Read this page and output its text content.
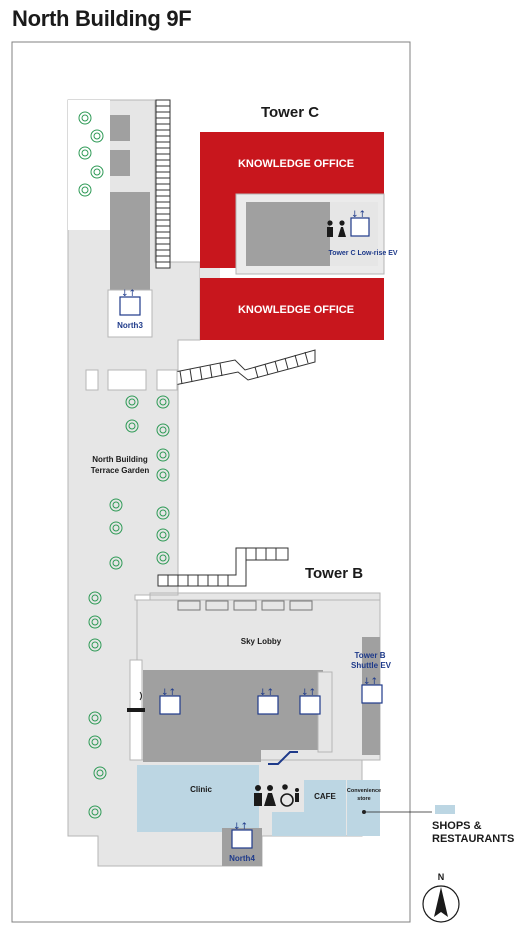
North Building 9F
↓↑
↓↑
↓↑	↓↑	↓↑
↓↑
↓↑
Tower C
KNOWLEDGE OFFICE
KNOWLEDGE OFFICE
Tower C Low-rise EV
North3
North Building
Terrace Garden
Tower B
Sky Lobby
Tower B
Shuttle EV
Clinic
CAFE
Convenience
store
North4
N
SHOPS &
RESTAURANTS
